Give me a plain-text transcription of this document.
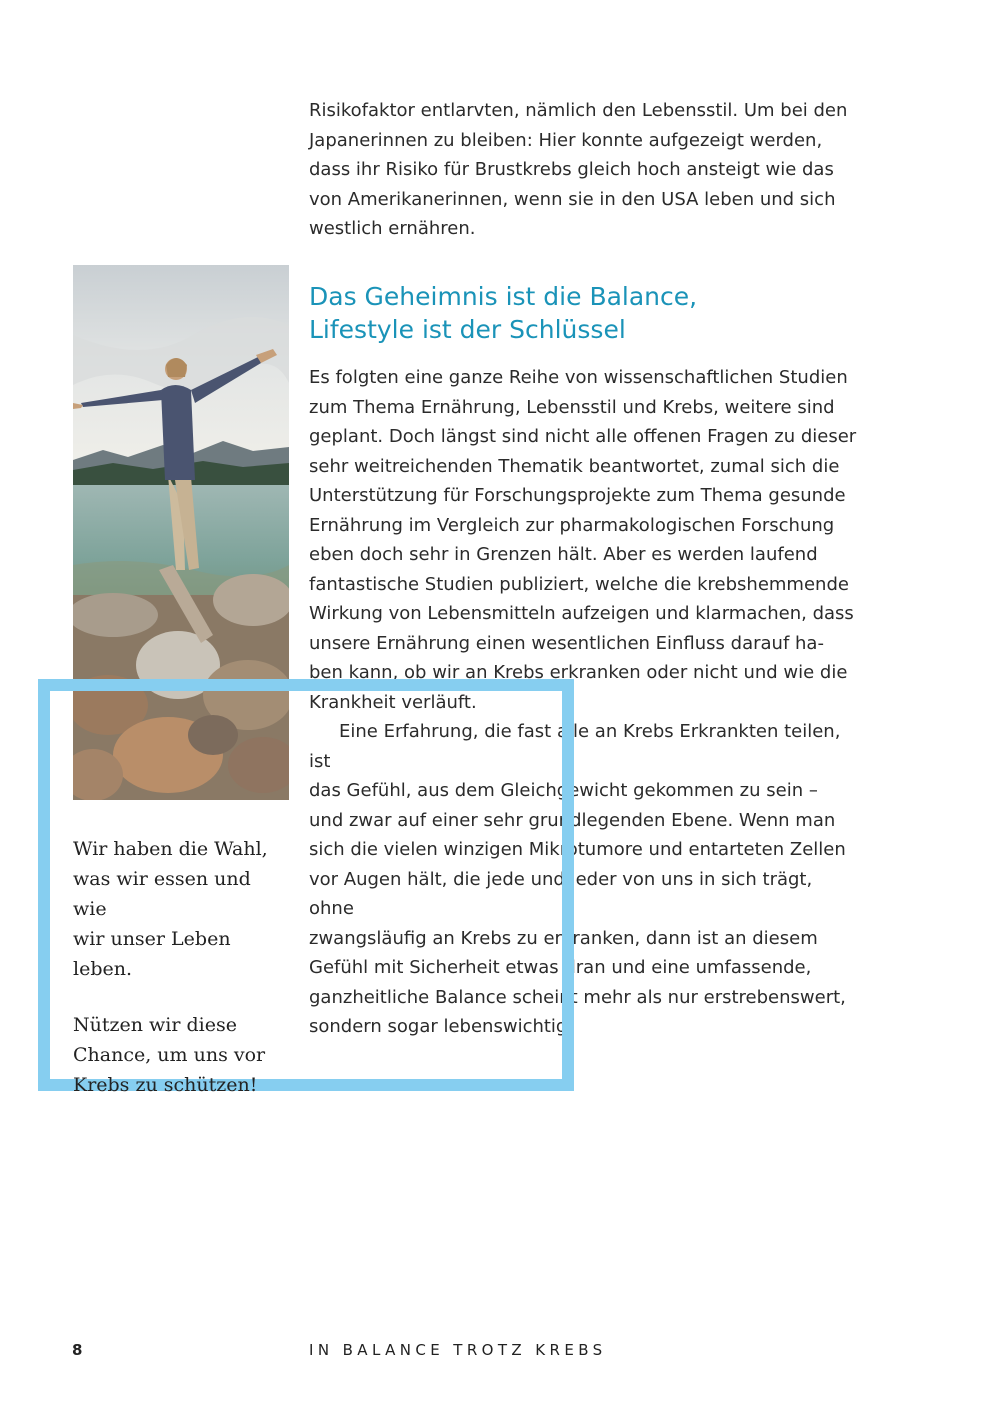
Risikofaktor entlarvten, nämlich den Lebensstil. Um bei den
Japanerinnen zu bleiben: Hier konnte aufgezeigt werden,
dass ihr Risiko für Brustkrebs gleich hoch ansteigt wie das
von Amerikanerinnen, wenn sie in den USA leben und sich
westlich ernähren.

Das Geheimnis ist die Balance,
Lifestyle ist der Schlüssel

Es folgten eine ganze Reihe von wissenschaftlichen Studien
zum Thema Ernährung, Lebensstil und Krebs, weitere sind
geplant. Doch längst sind nicht alle offenen Fragen zu dieser
sehr weitreichenden Thematik beantwortet, zumal sich die
Unterstützung für Forschungsprojekte zum Thema gesunde
Ernährung im Vergleich zur pharmakologischen Forschung
eben doch sehr in Grenzen hält. Aber es werden laufend
fantastische Studien publiziert, welche die krebshemmende
Wirkung von Lebensmitteln aufzeigen und klarmachen, dass
unsere Ernährung einen wesentlichen Einfluss darauf ha-
ben kann, ob wir an Krebs erkranken oder nicht und wie die
Krankheit verläuft.

Eine Erfahrung, die fast alle an Krebs Erkrankten teilen, ist
das Gefühl, aus dem Gleichgewicht gekommen zu sein –
und zwar auf einer sehr grundlegenden Ebene. Wenn man
sich die vielen winzigen Mikrotumore und entarteten Zellen
vor Augen hält, die jede und jeder von uns in sich trägt, ohne
zwangsläufig an Krebs zu erkranken, dann ist an diesem
Gefühl mit Sicherheit etwas dran und eine umfassende,
ganzheitliche Balance scheint mehr als nur erstrebenswert,
sondern sogar lebenswichtig.

Wir haben die Wahl,
was wir essen und wie
wir unser Leben leben.

Nützen wir diese
Chance, um uns vor
Krebs zu schützen!

8	IN BALANCE TROTZ KREBS
